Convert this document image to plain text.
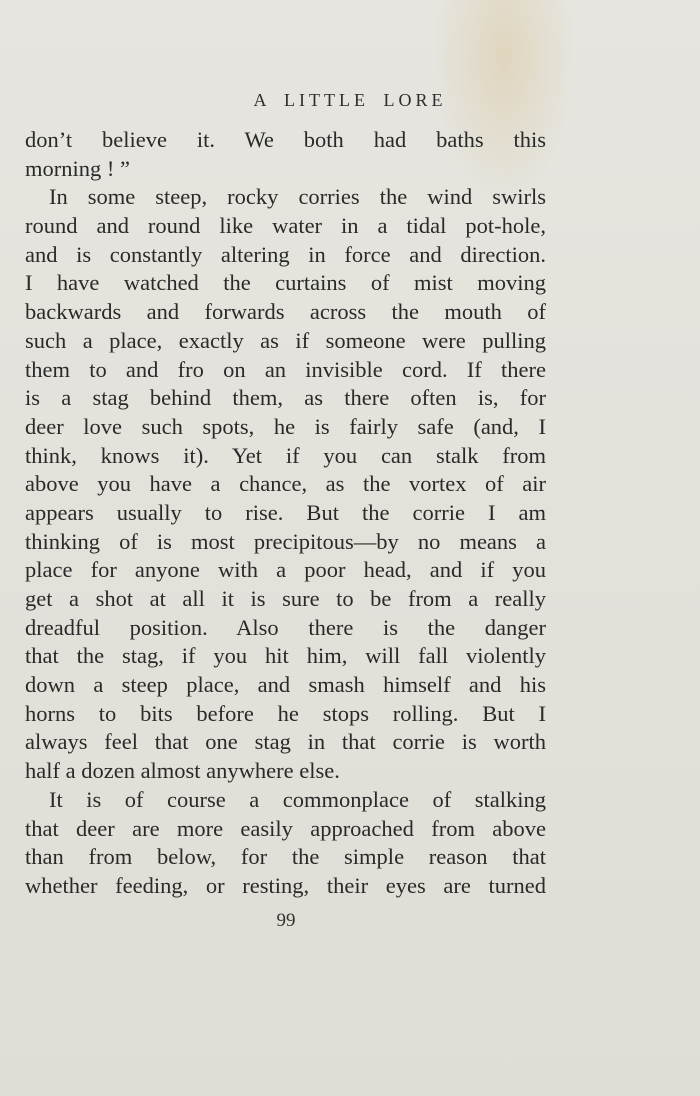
A LITTLE LORE
don’t believe it. We both had baths this
morning ! ”
In some steep, rocky corries the wind swirls
round and round like water in a tidal pot-hole,
and is constantly altering in force and direction.
I have watched the curtains of mist moving
backwards and forwards across the mouth of
such a place, exactly as if someone were pulling
them to and fro on an invisible cord. If there
is a stag behind them, as there often is, for
deer love such spots, he is fairly safe (and, I
think, knows it). Yet if you can stalk from
above you have a chance, as the vortex of air
appears usually to rise. But the corrie I am
thinking of is most precipitous—by no means a
place for anyone with a poor head, and if you
get a shot at all it is sure to be from a really
dreadful position. Also there is the danger
that the stag, if you hit him, will fall violently
down a steep place, and smash himself and his
horns to bits before he stops rolling. But I
always feel that one stag in that corrie is worth
half a dozen almost anywhere else.
It is of course a commonplace of stalking
that deer are more easily approached from above
than from below, for the simple reason that
whether feeding, or resting, their eyes are turned
99
